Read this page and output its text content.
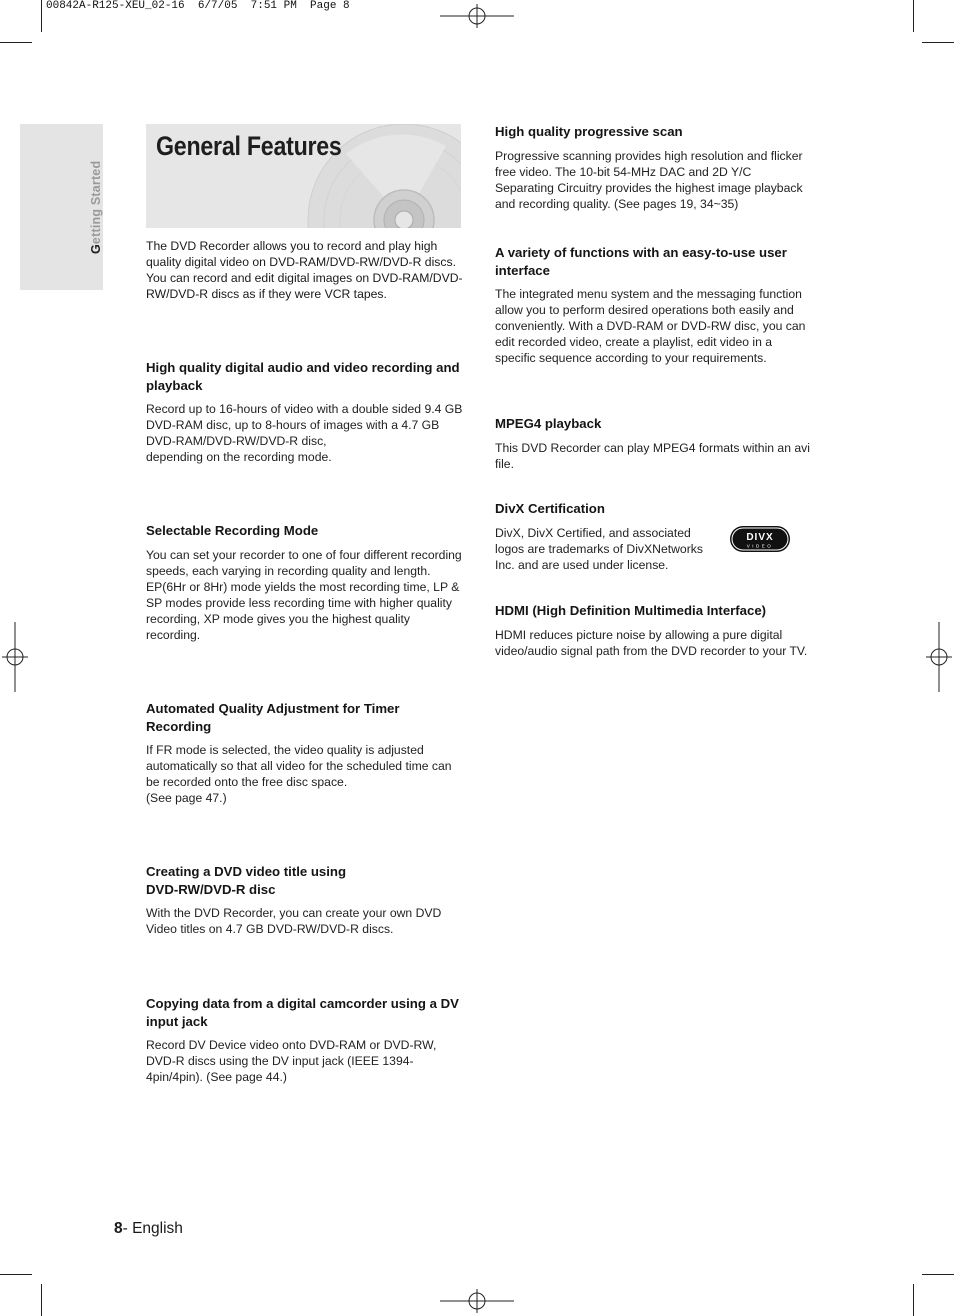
00842A-R125-XEU_02-16  6/7/05  7:51 PM  Page 8
Getting Started
General Features

The DVD Recorder allows you to record and play high quality digital video on DVD-RAM/DVD-RW/DVD-R discs. You can record and edit digital images on DVD-RAM/DVD-RW/DVD-R discs as if they were VCR tapes.

High quality digital audio and video recording and playback

Record up to 16-hours of video with a double sided 9.4 GB DVD-RAM disc, up to 8-hours of images with a 4.7 GB DVD-RAM/DVD-RW/DVD-R disc,
depending on the recording mode.

Selectable Recording Mode

You can set your recorder to one of four different recording speeds, each varying in recording quality and length. EP(6Hr or 8Hr) mode yields the most recording time, LP & SP modes provide less recording time with higher quality recording, XP mode gives you the highest quality recording.

Automated Quality Adjustment for Timer Recording

If FR mode is selected, the video quality is adjusted automatically so that all video for the scheduled time can be recorded onto the free disc space.
(See page 47.)

Creating a DVD video title using
DVD-RW/DVD-R disc

With the DVD Recorder, you can create your own DVD Video titles on 4.7 GB DVD-RW/DVD-R discs.

Copying data from a digital camcorder using a DV input jack

Record DV Device video onto DVD-RAM or DVD-RW, DVD-R discs using the DV input jack (IEEE 1394-4pin/4pin). (See page 44.)

High quality progressive scan

Progressive scanning provides high resolution and flicker free video. The 10-bit 54-MHz DAC and 2D Y/C Separating Circuitry provides the highest image playback and recording quality. (See pages 19, 34~35)

A variety of functions with an easy-to-use user interface

The integrated menu system and the messaging function allow you to perform desired operations both easily and conveniently. With a DVD-RAM or DVD-RW disc, you can edit recorded video, create a playlist, edit video in a specific sequence according to your requirements.

MPEG4 playback

This DVD Recorder can play MPEG4 formats within an avi file.

DivX Certification

DivX, DivX Certified, and associated logos are trademarks of DivXNetworks Inc. and are used under license.

DIVX
VIDEO
HDMI (High Definition Multimedia Interface)

HDMI reduces picture noise by allowing a pure digital video/audio signal path from the DVD recorder to your TV.

8- English
